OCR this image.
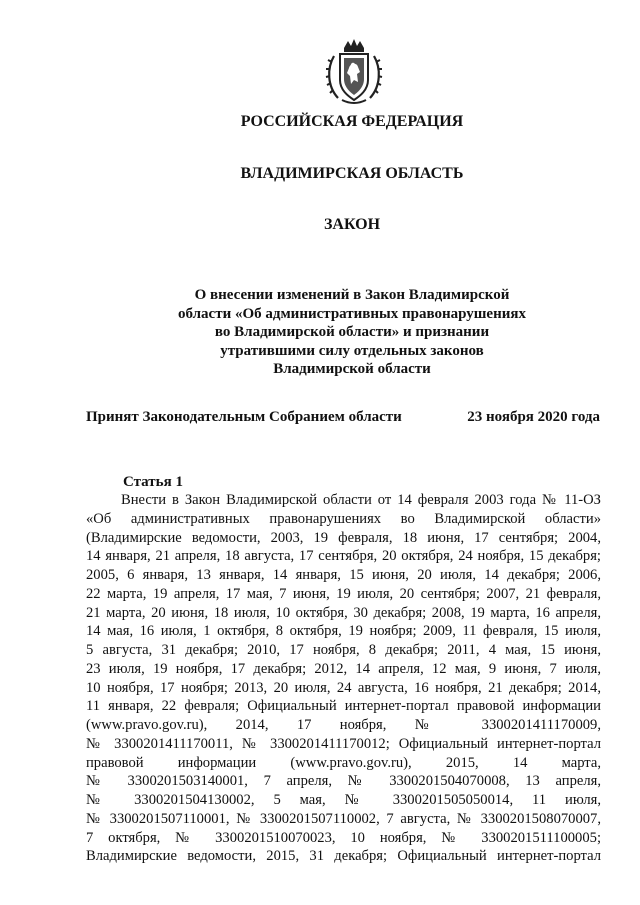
РОССИЙСКАЯ ФЕДЕРАЦИЯ
ВЛАДИМИРСКАЯ ОБЛАСТЬ
ЗАКОН
О внесении изменений в Закон Владимирской
области «Об административных правонарушениях
во Владимирской области» и признании
утратившими силу отдельных законов
Владимирской области
Принят Законодательным Собранием области	23 ноября 2020 года
Статья 1
Внести в Закон Владимирской области от 14 февраля 2003 года № 11-ОЗ
«Об административных правонарушениях во Владимирской области»
(Владимирские ведомости, 2003, 19 февраля, 18 июня, 17 сентября; 2004,
14 января, 21 апреля, 18 августа, 17 сентября, 20 октября, 24 ноября, 15 декабря;
2005, 6 января, 13 января, 14 января, 15 июня, 20 июля, 14 декабря; 2006,
22 марта, 19 апреля, 17 мая, 7 июня, 19 июля, 20 сентября; 2007, 21 февраля,
21 марта, 20 июня, 18 июля, 10 октября, 30 декабря; 2008, 19 марта, 16 апреля,
14 мая, 16 июля, 1 октября, 8 октября, 19 ноября; 2009, 11 февраля, 15 июля,
5 августа, 31 декабря; 2010, 17 ноября, 8 декабря; 2011, 4 мая, 15 июня,
23 июля, 19 ноября, 17 декабря; 2012, 14 апреля, 12 мая, 9 июня, 7 июля,
10 ноября, 17 ноября; 2013, 20 июля, 24 августа, 16 ноября, 21 декабря; 2014,
11 января, 22 февраля; Официальный интернет-портал правовой информации
(www.pravo.gov.ru), 2014, 17 ноября, № 3300201411170009,
№ 3300201411170011, № 3300201411170012; Официальный интернет-портал
правовой информации (www.pravo.gov.ru), 2015, 14 марта,
№ 3300201503140001, 7 апреля, № 3300201504070008, 13 апреля,
№ 3300201504130002, 5 мая, № 3300201505050014, 11 июля,
№ 3300201507110001, № 3300201507110002, 7 августа, № 3300201508070007,
7 октября, № 3300201510070023, 10 ноября, № 3300201511100005;
Владимирские ведомости, 2015, 31 декабря; Официальный интернет-портал
